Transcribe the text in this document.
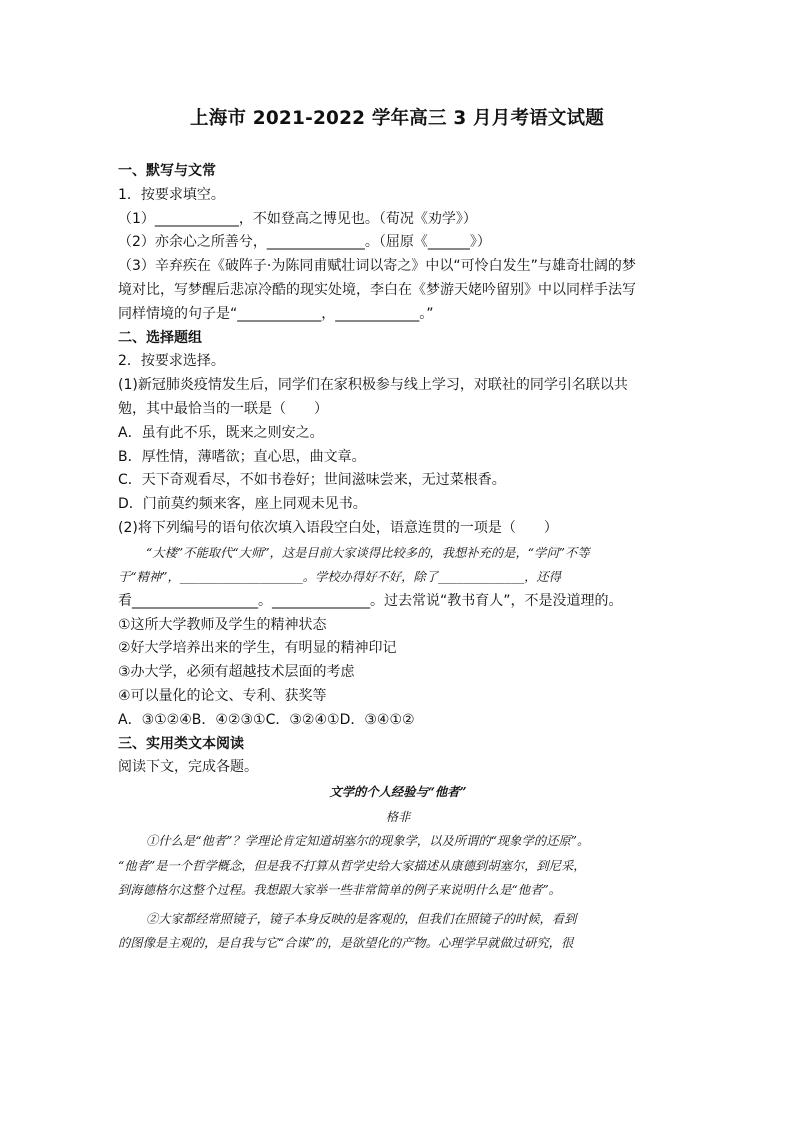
上海市 2021-2022 学年高三 3 月月考语文试题
一、默写与文常
1．按要求填空。
（1）____________，不如登高之博见也。（荀况《劝学》）
（2）亦余心之所善兮，______________。（屈原《______》）
（3）辛弃疾在《破阵子·为陈同甫赋壮词以寄之》中以“可怜白发生”与雄奇壮阔的梦
境对比，写梦醒后悲凉冷酷的现实处境，李白在《梦游天姥吟留别》中以同样手法写
同样情境的句子是“____________，____________。”
二、选择题组
2．按要求选择。
(1)新冠肺炎疫情发生后，同学们在家积极参与线上学习，对联社的同学引名联以共
勉，其中最恰当的一联是（　　）
A．虽有此不乐，既来之则安之。
B．厚性情，薄嗜欲；直心思，曲文章。
C．天下奇观看尽，不如书卷好；世间滋味尝来，无过菜根香。
D．门前莫约频来客，座上同观未见书。
(2)将下列编号的语句依次填入语段空白处，语意连贯的一项是（　　）
“大楼”不能取代“大师”，这是目前大家谈得比较多的，我想补充的是，“学问”不等
于“精神”，____________________。学校办得好不好，除了______________，还得
看__________________。______________。过去常说“教书育人”，不是没道理的。
①这所大学教师及学生的精神状态
②好大学培养出来的学生，有明显的精神印记
③办大学，必须有超越技术层面的考虑
④可以量化的论文、专利、获奖等
A．③①②④B．④②③①C．③②④①D．③④①②
三、实用类文本阅读
阅读下文，完成各题。
文学的个人经验与“他者”
格非
①什么是“他者”？学理论肯定知道胡塞尔的现象学，以及所谓的“现象学的还原”。
“他者”是一个哲学概念，但是我不打算从哲学史给大家描述从康德到胡塞尔，到尼采，
到海德格尔这整个过程。我想跟大家举一些非常简单的例子来说明什么是“他者”。
②大家都经常照镜子，镜子本身反映的是客观的，但我们在照镜子的时候，看到
的图像是主观的，是自我与它“合谋”的，是欲望化的产物。心理学早就做过研究，很
